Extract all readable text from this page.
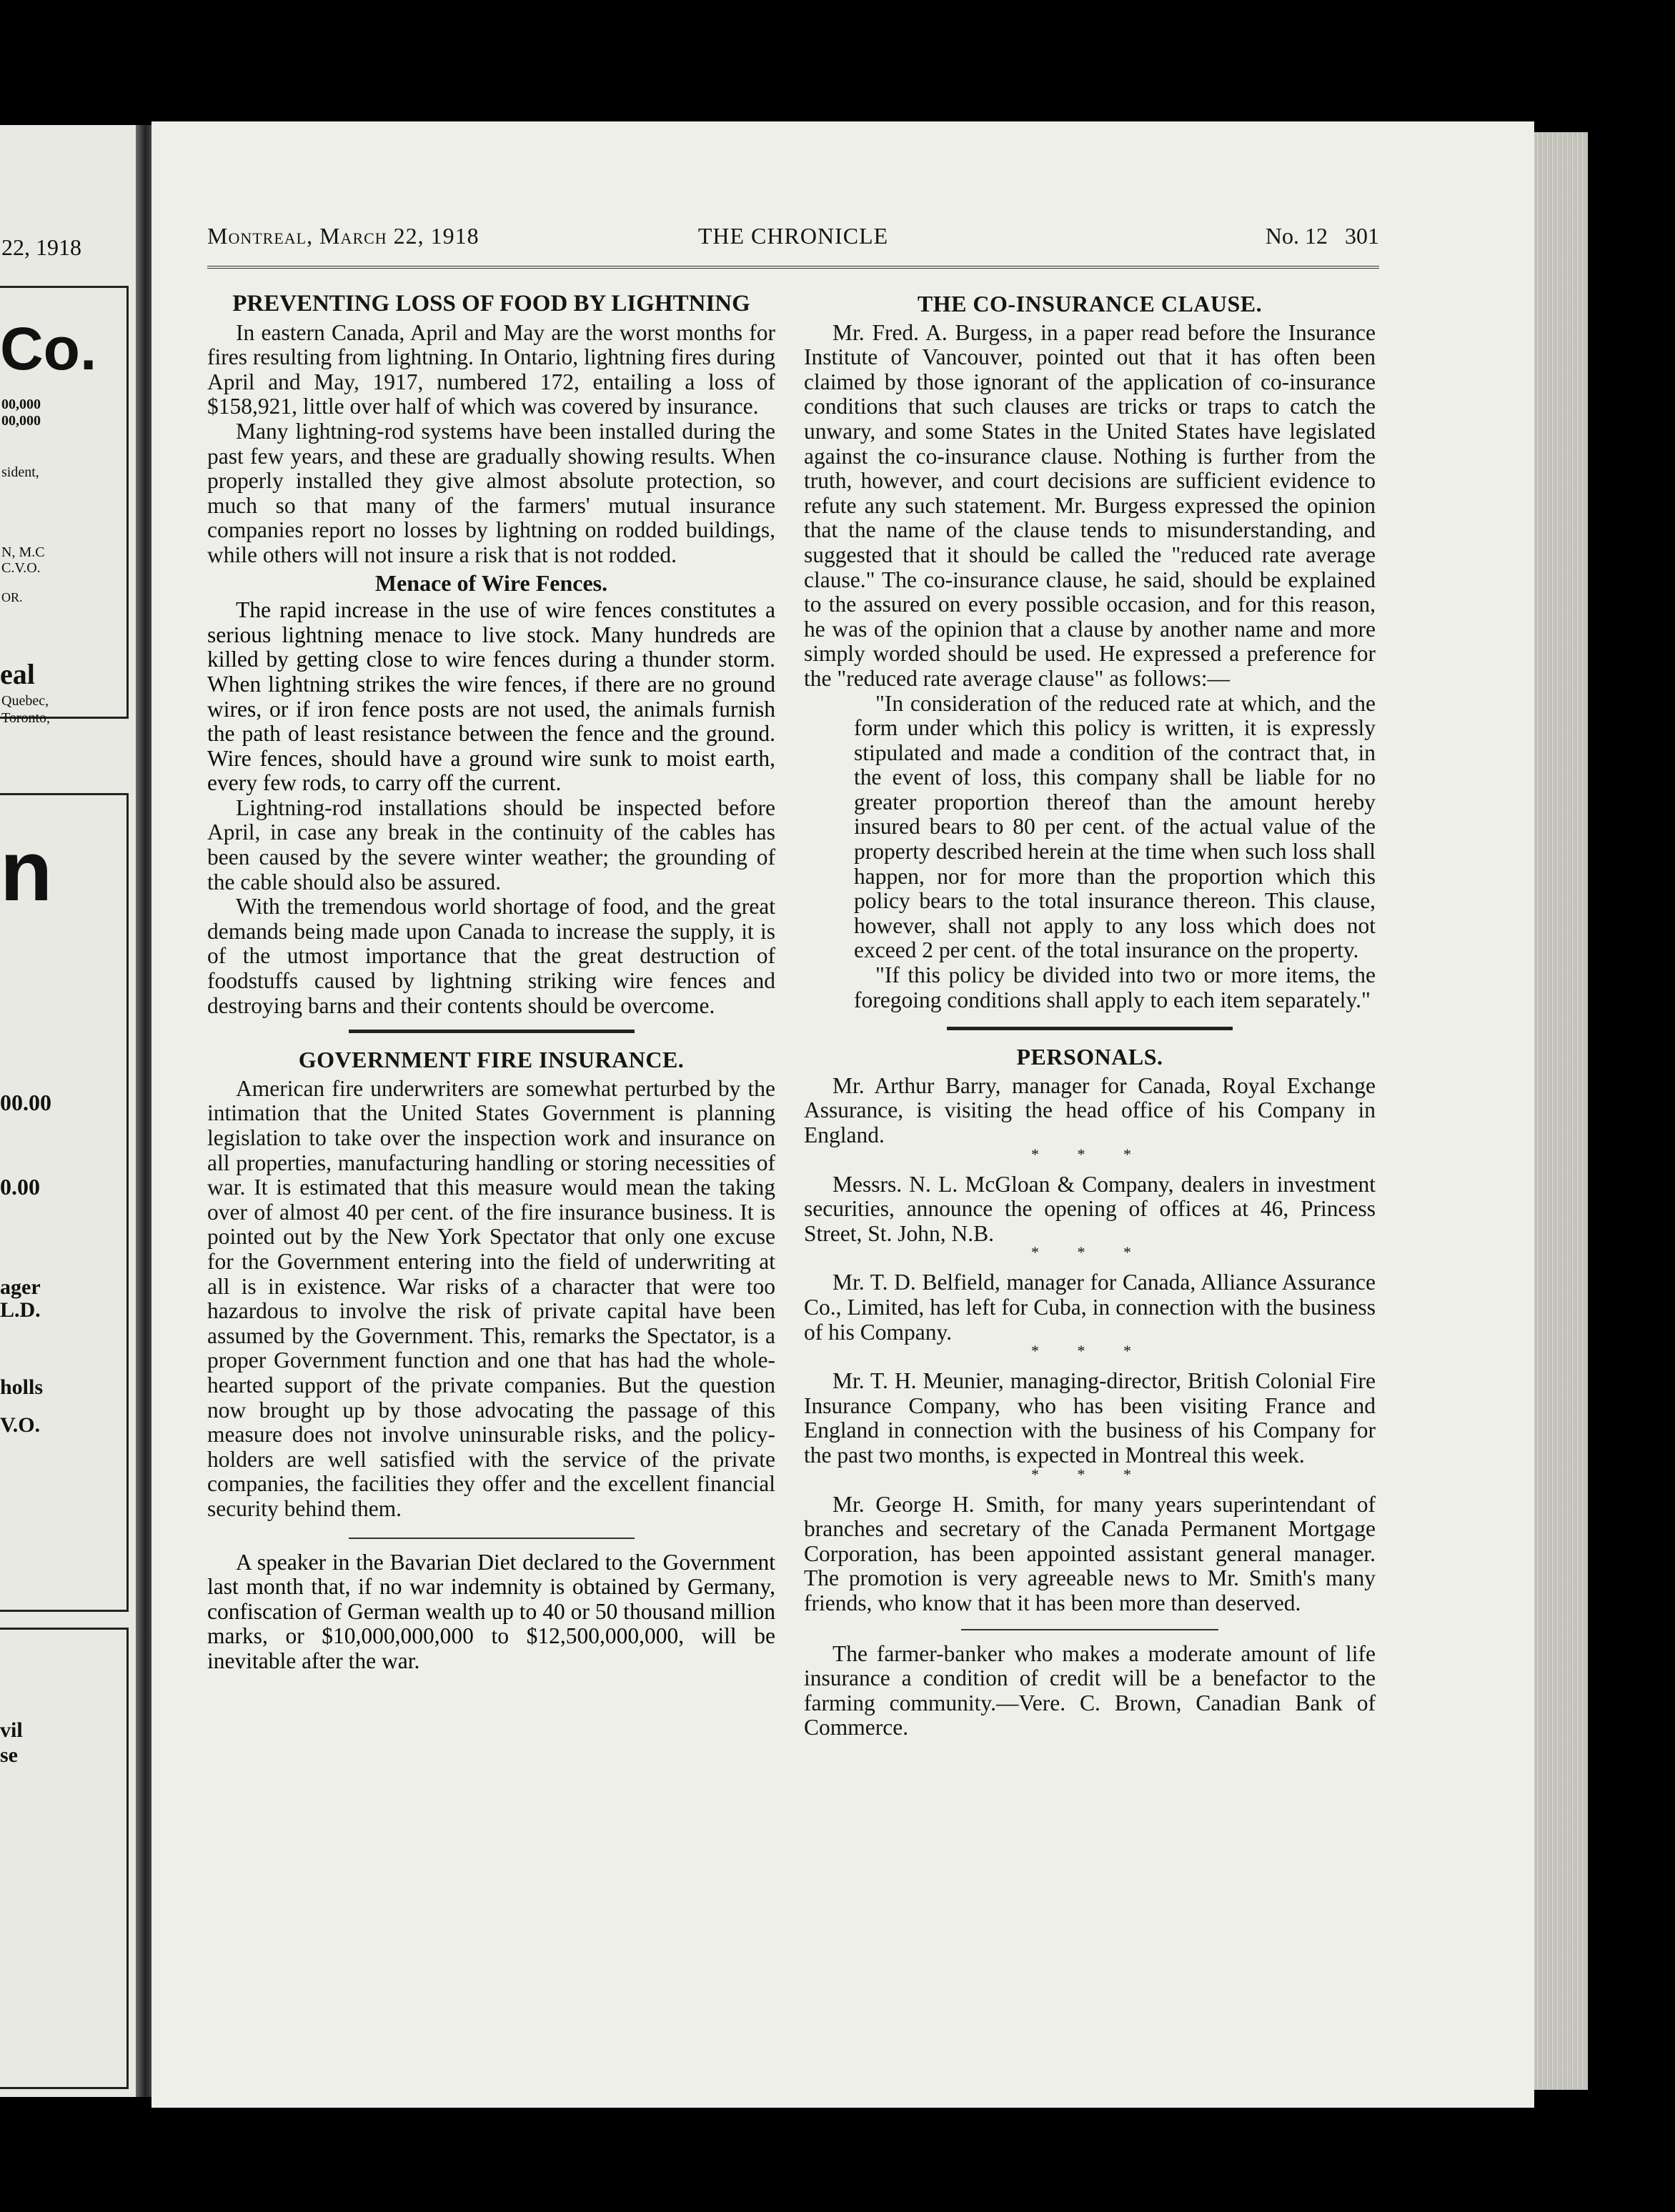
22, 1918
Co.
00,000
00,000
sident,
N, M.C
C.V.O.
OR.
eal
Quebec,
Toronto,
n
00.00
0.00
ager
L.D.
holls
V.O.
vil
se
Montreal, March 22, 1918	THE CHRONICLE	No. 12   301
PREVENTING LOSS OF FOOD BY LIGHTNING

In eastern Canada, April and May are the worst months for fires resulting from lightning. In Ontario, lightning fires during April and May, 1917, numbered 172, entailing a loss of $158,921, little over half of which was covered by insurance.

Many lightning-rod systems have been installed during the past few years, and these are gradually showing results. When properly installed they give almost absolute protection, so much so that many of the farmers' mutual insurance companies report no losses by lightning on rodded buildings, while others will not insure a risk that is not rodded.

Menace of Wire Fences.

The rapid increase in the use of wire fences constitutes a serious lightning menace to live stock. Many hundreds are killed by getting close to wire fences during a thunder storm. When lightning strikes the wire fences, if there are no ground wires, or if iron fence posts are not used, the animals furnish the path of least resistance between the fence and the ground. Wire fences, should have a ground wire sunk to moist earth, every few rods, to carry off the current.

Lightning-rod installations should be inspected before April, in case any break in the continuity of the cables has been caused by the severe winter weather; the grounding of the cable should also be assured.

With the tremendous world shortage of food, and the great demands being made upon Canada to increase the supply, it is of the utmost importance that the great destruction of foodstuffs caused by lightning striking wire fences and destroying barns and their contents should be overcome.

GOVERNMENT FIRE INSURANCE.

American fire underwriters are somewhat perturbed by the intimation that the United States Government is planning legislation to take over the inspection work and insurance on all properties, manufacturing handling or storing necessities of war. It is estimated that this measure would mean the taking over of almost 40 per cent. of the fire insurance business. It is pointed out by the New York Spectator that only one excuse for the Government entering into the field of underwriting at all is in existence. War risks of a character that were too hazardous to involve the risk of private capital have been assumed by the Government. This, remarks the Spectator, is a proper Government function and one that has had the whole-hearted support of the private companies. But the question now brought up by those advocating the passage of this measure does not involve uninsurable risks, and the policy-holders are well satisfied with the service of the private companies, the facilities they offer and the excellent financial security behind them.

A speaker in the Bavarian Diet declared to the Government last month that, if no war indemnity is obtained by Germany, confiscation of German wealth up to 40 or 50 thousand million marks, or $10,000,000,000 to $12,500,000,000, will be inevitable after the war.

THE CO-INSURANCE CLAUSE.

Mr. Fred. A. Burgess, in a paper read before the Insurance Institute of Vancouver, pointed out that it has often been claimed by those ignorant of the application of co-insurance conditions that such clauses are tricks or traps to catch the unwary, and some States in the United States have legislated against the co-insurance clause. Nothing is further from the truth, however, and court decisions are sufficient evidence to refute any such statement. Mr. Burgess expressed the opinion that the name of the clause tends to misunderstanding, and suggested that it should be called the "reduced rate average clause." The co-insurance clause, he said, should be explained to the assured on every possible occasion, and for this reason, he was of the opinion that a clause by another name and more simply worded should be used. He expressed a preference for the "reduced rate average clause" as follows:—

"In consideration of the reduced rate at which, and the form under which this policy is written, it is expressly stipulated and made a condition of the contract that, in the event of loss, this company shall be liable for no greater proportion thereof than the amount hereby insured bears to 80 per cent. of the actual value of the property described herein at the time when such loss shall happen, nor for more than the proportion which this policy bears to the total insurance thereon. This clause, however, shall not apply to any loss which does not exceed 2 per cent. of the total insurance on the property.

"If this policy be divided into two or more items, the foregoing conditions shall apply to each item separately."

PERSONALS.

Mr. Arthur Barry, manager for Canada, Royal Exchange Assurance, is visiting the head office of his Company in England.

* * *

Messrs. N. L. McGloan & Company, dealers in investment securities, announce the opening of offices at 46, Princess Street, St. John, N.B.

* * *

Mr. T. D. Belfield, manager for Canada, Alliance Assurance Co., Limited, has left for Cuba, in connection with the business of his Company.

* * *

Mr. T. H. Meunier, managing-director, British Colonial Fire Insurance Company, who has been visiting France and England in connection with the business of his Company for the past two months, is expected in Montreal this week.

* * *

Mr. George H. Smith, for many years superintendant of branches and secretary of the Canada Permanent Mortgage Corporation, has been appointed assistant general manager. The promotion is very agreeable news to Mr. Smith's many friends, who know that it has been more than deserved.

The farmer-banker who makes a moderate amount of life insurance a condition of credit will be a benefactor to the farming community.—Vere. C. Brown, Canadian Bank of Commerce.
